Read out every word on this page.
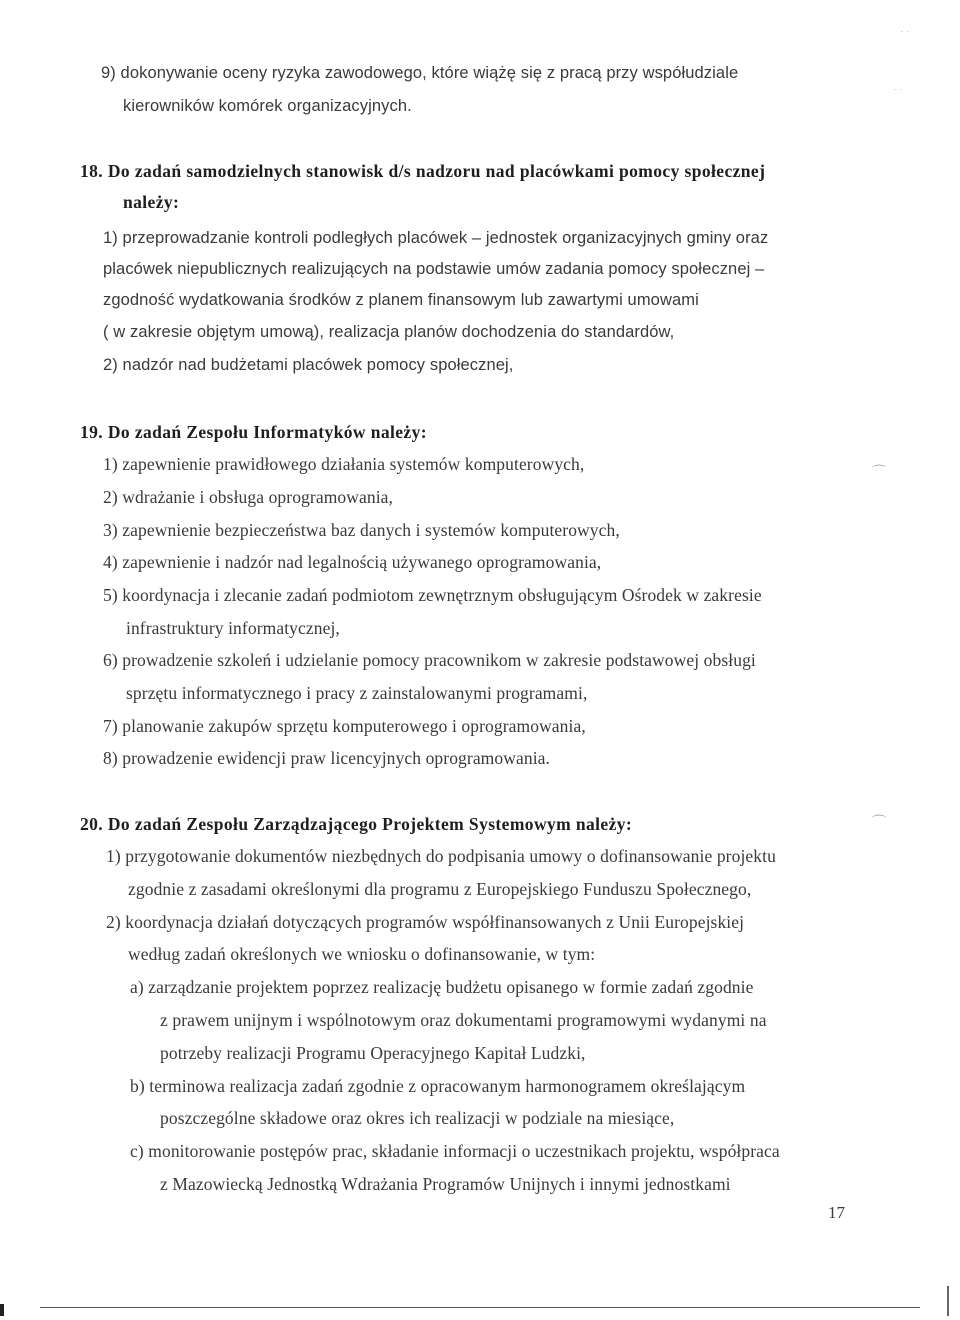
9) dokonywanie oceny ryzyka zawodowego, które wiążę się z pracą przy współudziale
kierowników komórek organizacyjnych.
18. Do zadań samodzielnych stanowisk d/s nadzoru nad placówkami pomocy społecznej
należy:
1) przeprowadzanie kontroli podległych placówek – jednostek organizacyjnych gminy oraz
placówek niepublicznych realizujących na podstawie umów zadania pomocy społecznej –
zgodność wydatkowania środków z planem finansowym lub zawartymi umowami
( w zakresie objętym umową), realizacja planów dochodzenia do standardów,
2) nadzór nad budżetami placówek pomocy społecznej,
19. Do zadań Zespołu Informatyków należy:
1) zapewnienie prawidłowego działania systemów komputerowych,
2) wdrażanie i obsługa oprogramowania,
3) zapewnienie bezpieczeństwa baz danych i systemów komputerowych,
4) zapewnienie i nadzór nad legalnością używanego oprogramowania,
5) koordynacja i zlecanie zadań podmiotom zewnętrznym obsługującym Ośrodek w zakresie
infrastruktury informatycznej,
6) prowadzenie szkoleń i udzielanie pomocy pracownikom w zakresie podstawowej obsługi
sprzętu informatycznego i pracy z zainstalowanymi programami,
7) planowanie zakupów sprzętu komputerowego i oprogramowania,
8) prowadzenie ewidencji praw licencyjnych oprogramowania.
20. Do zadań Zespołu Zarządzającego Projektem Systemowym należy:
1) przygotowanie dokumentów niezbędnych do podpisania umowy o dofinansowanie projektu
zgodnie z zasadami określonymi dla programu z Europejskiego Funduszu Społecznego,
2) koordynacja działań dotyczących programów współfinansowanych z Unii Europejskiej
według zadań określonych we wniosku o dofinansowanie, w tym:
a) zarządzanie projektem poprzez realizację budżetu opisanego w formie zadań zgodnie
z prawem unijnym i wspólnotowym oraz dokumentami programowymi wydanymi na
potrzeby realizacji Programu Operacyjnego Kapitał Ludzki,
b) terminowa realizacja zadań zgodnie z opracowanym harmonogramem określającym
poszczególne składowe oraz okres ich realizacji w podziale na miesiące,
c) monitorowanie postępów prac, składanie informacji o uczestnikach projektu, współpraca
z Mazowiecką Jednostką Wdrażania Programów Unijnych i innymi jednostkami
17
˙ ˙
˙ ˙
⌒
⌒
